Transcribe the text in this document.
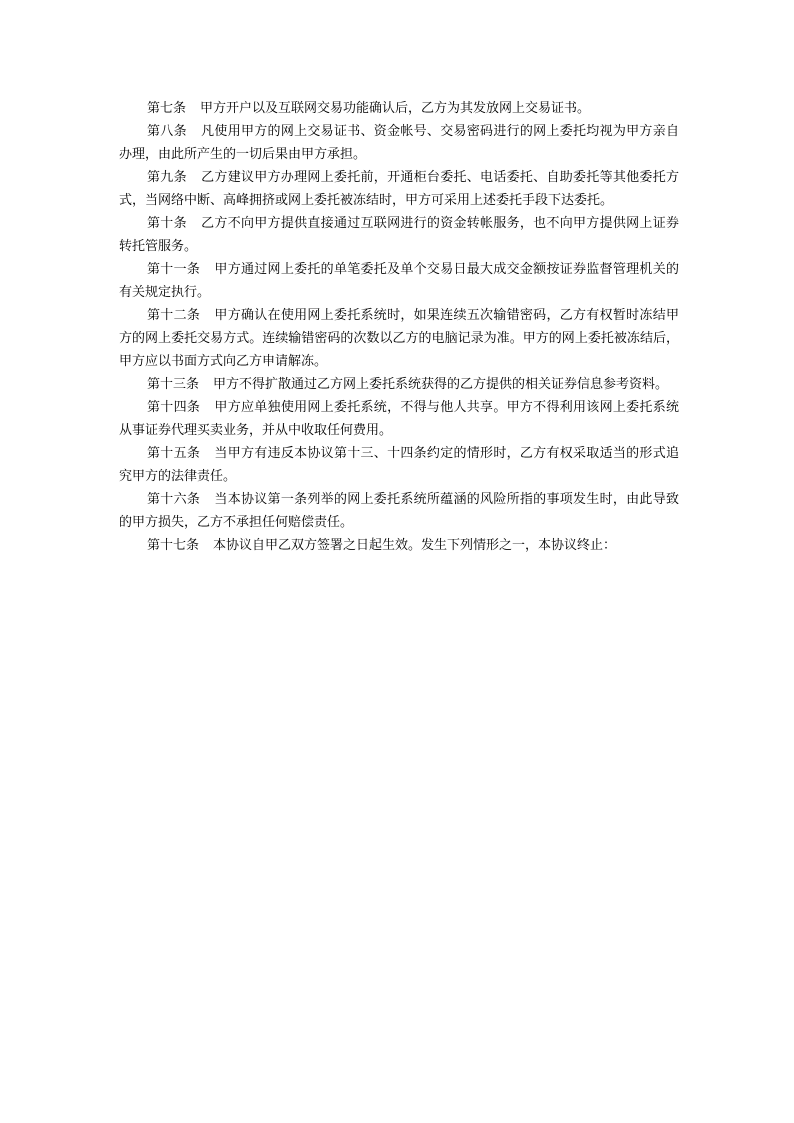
第七条 甲方开户以及互联网交易功能确认后，乙方为其发放网上交易证书。

第八条 凡使用甲方的网上交易证书、资金帐号、交易密码进行的网上委托均视为甲方亲自办理，由此所产生的一切后果由甲方承担。

第九条 乙方建议甲方办理网上委托前，开通柜台委托、电话委托、自助委托等其他委托方式，当网络中断、高峰拥挤或网上委托被冻结时，甲方可采用上述委托手段下达委托。

第十条 乙方不向甲方提供直接通过互联网进行的资金转帐服务，也不向甲方提供网上证券转托管服务。

第十一条 甲方通过网上委托的单笔委托及单个交易日最大成交金额按证券监督管理机关的有关规定执行。

第十二条 甲方确认在使用网上委托系统时，如果连续五次输错密码，乙方有权暂时冻结甲方的网上委托交易方式。连续输错密码的次数以乙方的电脑记录为准。甲方的网上委托被冻结后，甲方应以书面方式向乙方申请解冻。

第十三条 甲方不得扩散通过乙方网上委托系统获得的乙方提供的相关证券信息参考资料。

第十四条 甲方应单独使用网上委托系统，不得与他人共享。甲方不得利用该网上委托系统从事证券代理买卖业务，并从中收取任何费用。

第十五条 当甲方有违反本协议第十三、十四条约定的情形时，乙方有权采取适当的形式追究甲方的法律责任。

第十六条 当本协议第一条列举的网上委托系统所蕴涵的风险所指的事项发生时，由此导致的甲方损失，乙方不承担任何赔偿责任。

第十七条 本协议自甲乙双方签署之日起生效。发生下列情形之一，本协议终止：
